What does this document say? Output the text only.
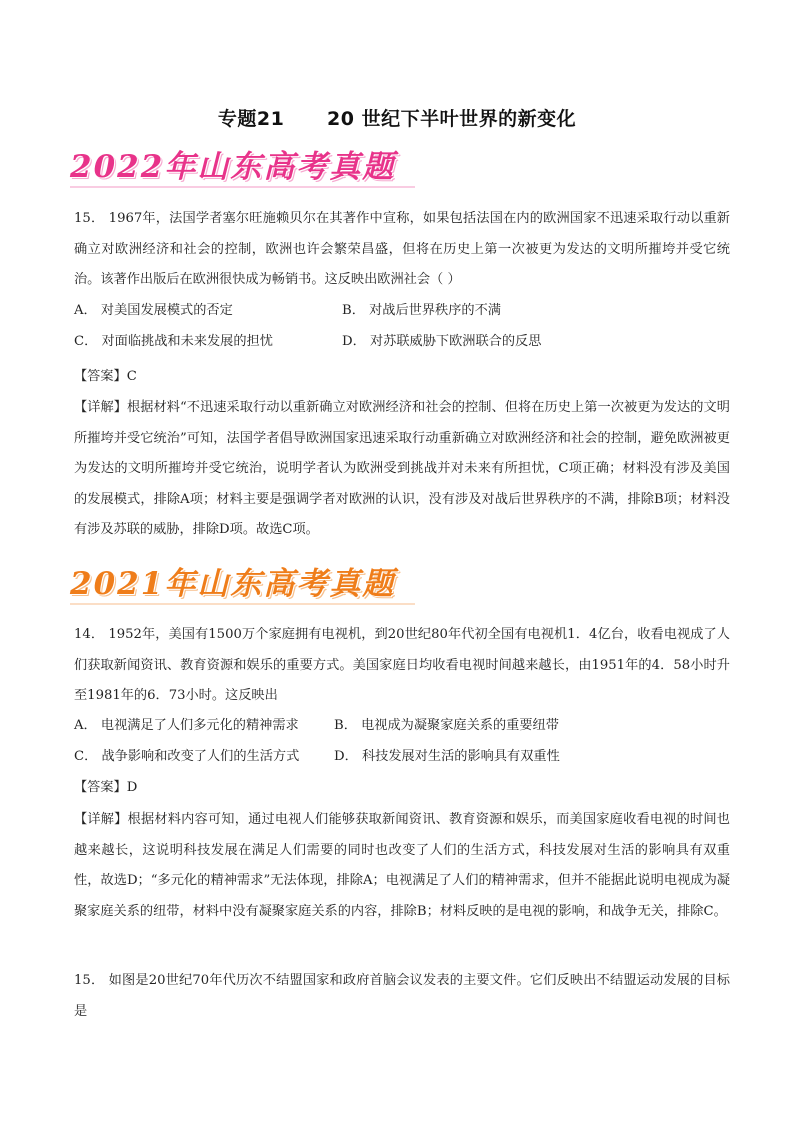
专题21      20 世纪下半叶世界的新变化
2022年山东高考真题

15． 1967年，法国学者塞尔旺施赖贝尔在其著作中宣称，如果包括法国在内的欧洲国家不迅速采取行动以重新确立对欧洲经济和社会的控制，欧洲也许会繁荣昌盛，但将在历史上第一次被更为发达的文明所摧垮并受它统治。该著作出版后在欧洲很快成为畅销书。这反映出欧洲社会（ ）

A． 对美国发展模式的否定	B． 对战后世界秩序的不满
C． 对面临挑战和未来发展的担忧	D． 对苏联威胁下欧洲联合的反思

【答案】C

【详解】根据材料“不迅速采取行动以重新确立对欧洲经济和社会的控制、但将在历史上第一次被更为发达的文明所摧垮并受它统治”可知，法国学者倡导欧洲国家迅速采取行动重新确立对欧洲经济和社会的控制，避免欧洲被更为发达的文明所摧垮并受它统治，说明学者认为欧洲受到挑战并对未来有所担忧，C项正确；材料没有涉及美国的发展模式，排除A项；材料主要是强调学者对欧洲的认识，没有涉及对战后世界秩序的不满，排除B项；材料没有涉及苏联的威胁，排除D项。故选C项。

2021年山东高考真题

14． 1952年，美国有1500万个家庭拥有电视机，到20世纪80年代初全国有电视机1．4亿台，收看电视成了人们获取新闻资讯、教育资源和娱乐的重要方式。美国家庭日均收看电视时间越来越长，由1951年的4．58小时升至1981年的6．73小时。这反映出

A． 电视满足了人们多元化的精神需求	B． 电视成为凝聚家庭关系的重要纽带
C． 战争影响和改变了人们的生活方式	D． 科技发展对生活的影响具有双重性

【答案】D

【详解】根据材料内容可知，通过电视人们能够获取新闻资讯、教育资源和娱乐，而美国家庭收看电视的时间也越来越长，这说明科技发展在满足人们需要的同时也改变了人们的生活方式，科技发展对生活的影响具有双重性，故选D；“多元化的精神需求”无法体现，排除A；电视满足了人们的精神需求，但并不能据此说明电视成为凝聚家庭关系的纽带，材料中没有凝聚家庭关系的内容，排除B；材料反映的是电视的影响，和战争无关，排除C。

15． 如图是20世纪70年代历次不结盟国家和政府首脑会议发表的主要文件。它们反映出不结盟运动发展的目标是
